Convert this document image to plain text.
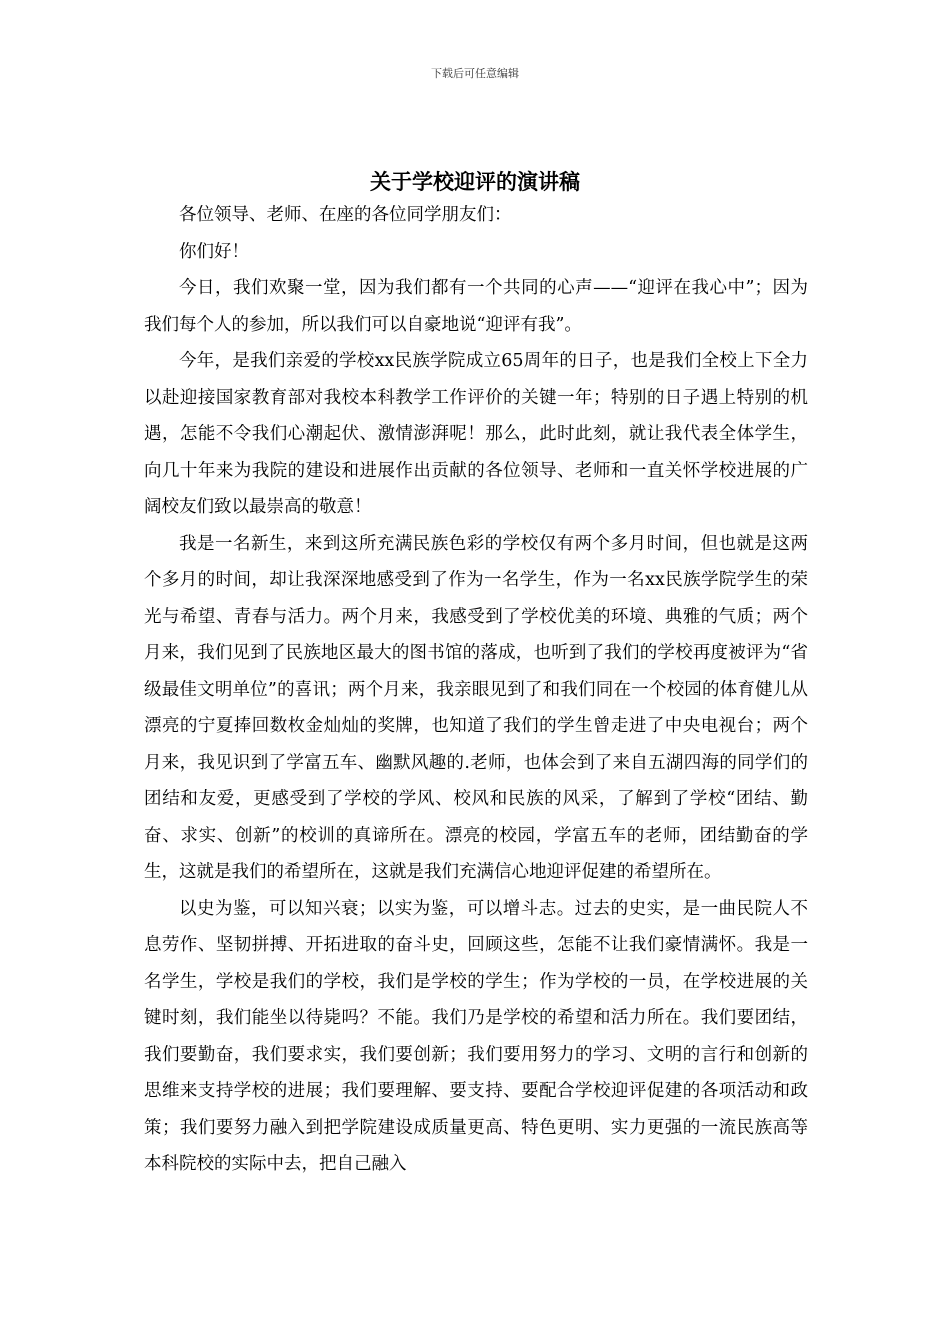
下载后可任意编辑
关于学校迎评的演讲稿

各位领导、老师、在座的各位同学朋友们：

你们好！

今日，我们欢聚一堂，因为我们都有一个共同的心声——“迎评在我心中”；因为我们每个人的参加，所以我们可以自豪地说“迎评有我”。

今年，是我们亲爱的学校xx民族学院成立65周年的日子，也是我们全校上下全力以赴迎接国家教育部对我校本科教学工作评价的关键一年；特别的日子遇上特别的机遇，怎能不令我们心潮起伏、激情澎湃呢！那么，此时此刻，就让我代表全体学生，向几十年来为我院的建设和进展作出贡献的各位领导、老师和一直关怀学校进展的广阔校友们致以最崇高的敬意！

我是一名新生，来到这所充满民族色彩的学校仅有两个多月时间，但也就是这两个多月的时间，却让我深深地感受到了作为一名学生，作为一名xx民族学院学生的荣光与希望、青春与活力。两个月来，我感受到了学校优美的环境、典雅的气质；两个月来，我们见到了民族地区最大的图书馆的落成，也听到了我们的学校再度被评为“省级最佳文明单位”的喜讯；两个月来，我亲眼见到了和我们同在一个校园的体育健儿从漂亮的宁夏捧回数枚金灿灿的奖牌，也知道了我们的学生曾走进了中央电视台；两个月来，我见识到了学富五车、幽默风趣的.老师，也体会到了来自五湖四海的同学们的团结和友爱，更感受到了学校的学风、校风和民族的风采，了解到了学校“团结、勤奋、求实、创新”的校训的真谛所在。漂亮的校园，学富五车的老师，团结勤奋的学生，这就是我们的希望所在，这就是我们充满信心地迎评促建的希望所在。

以史为鉴，可以知兴衰；以实为鉴，可以增斗志。过去的史实，是一曲民院人不息劳作、坚韧拼搏、开拓进取的奋斗史，回顾这些，怎能不让我们豪情满怀。我是一名学生，学校是我们的学校，我们是学校的学生；作为学校的一员，在学校进展的关键时刻，我们能坐以待毙吗？不能。我们乃是学校的希望和活力所在。我们要团结，我们要勤奋，我们要求实，我们要创新；我们要用努力的学习、文明的言行和创新的思维来支持学校的进展；我们要理解、要支持、要配合学校迎评促建的各项活动和政策；我们要努力融入到把学院建设成质量更高、特色更明、实力更强的一流民族高等本科院校的实际中去，把自己融入
